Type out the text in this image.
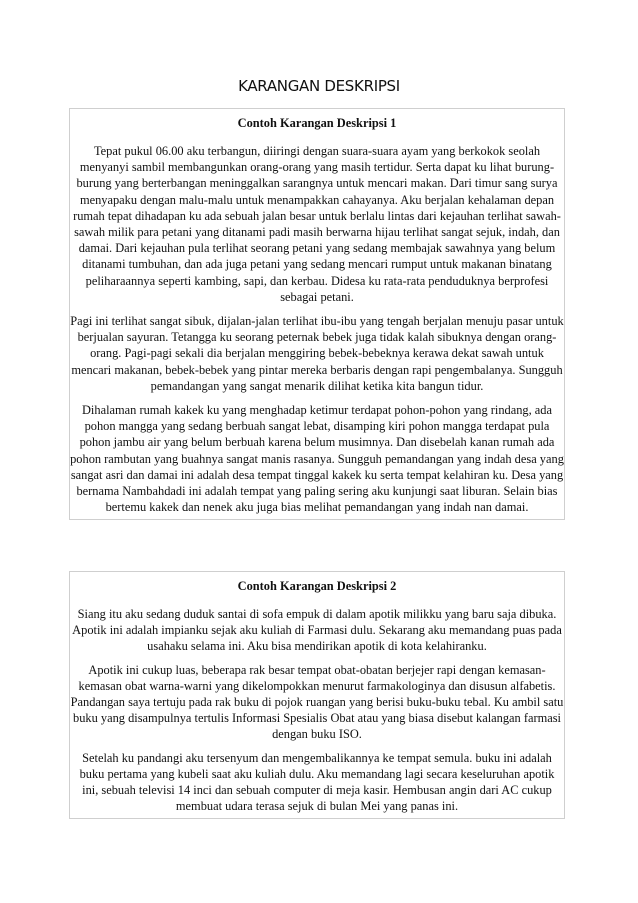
KARANGAN DESKRIPSI
Contoh Karangan Deskripsi 1

Tepat pukul 06.00 aku terbangun, diiringi dengan suara-suara ayam yang berkokok seolah menyanyi sambil membangunkan orang-orang yang masih tertidur. Serta dapat ku lihat burung-burung yang berterbangan meninggalkan sarangnya untuk mencari makan. Dari timur sang surya menyapaku dengan malu-malu untuk menampakkan cahayanya. Aku berjalan kehalaman depan rumah tepat dihadapan ku ada sebuah jalan besar untuk berlalu lintas dari kejauhan terlihat sawah-sawah milik para petani yang ditanami padi masih berwarna hijau terlihat sangat sejuk, indah, dan damai. Dari kejauhan pula terlihat seorang petani yang sedang membajak sawahnya yang belum ditanami tumbuhan, dan ada juga petani yang sedang mencari rumput untuk makanan binatang peliharaannya seperti kambing, sapi, dan kerbau. Didesa ku rata-rata penduduknya berprofesi sebagai petani.

Pagi ini terlihat sangat sibuk, dijalan-jalan terlihat ibu-ibu yang tengah berjalan menuju pasar untuk berjualan sayuran. Tetangga ku seorang peternak bebek juga tidak kalah sibuknya dengan orang-orang. Pagi-pagi sekali dia berjalan menggiring bebek-bebeknya kerawa dekat sawah untuk mencari makanan, bebek-bebek yang pintar mereka berbaris dengan rapi pengembalanya. Sungguh pemandangan yang sangat menarik dilihat ketika kita bangun tidur.

Dihalaman rumah kakek ku yang menghadap ketimur terdapat pohon-pohon yang rindang, ada pohon mangga yang sedang berbuah sangat lebat, disamping kiri pohon mangga terdapat pula pohon jambu air yang belum berbuah karena belum musimnya. Dan disebelah kanan rumah ada pohon rambutan yang buahnya sangat manis rasanya. Sungguh pemandangan yang indah desa yang sangat asri dan damai ini adalah desa tempat tinggal kakek ku serta tempat kelahiran ku. Desa yang bernama Nambahdadi ini adalah tempat yang paling sering aku kunjungi saat liburan. Selain bias bertemu kakek dan nenek aku juga bias melihat pemandangan yang indah nan damai.

Contoh Karangan Deskripsi 2

Siang itu aku sedang duduk santai di sofa empuk di dalam apotik milikku yang baru saja dibuka. Apotik ini adalah impianku sejak aku kuliah di Farmasi dulu. Sekarang aku memandang puas pada usahaku selama ini. Aku bisa mendirikan apotik di kota kelahiranku.

Apotik ini cukup luas, beberapa rak besar tempat obat-obatan berjejer rapi dengan kemasan-kemasan obat warna-warni yang dikelompokkan menurut farmakologinya dan disusun alfabetis. Pandangan saya tertuju pada rak buku di pojok ruangan yang berisi buku-buku tebal. Ku ambil satu buku yang disampulnya tertulis Informasi Spesialis Obat atau yang biasa disebut kalangan farmasi dengan buku ISO.

Setelah ku pandangi aku tersenyum dan mengembalikannya ke tempat semula. buku ini adalah buku pertama yang kubeli saat aku kuliah dulu. Aku memandang lagi secara keseluruhan apotik ini, sebuah televisi 14 inci dan sebuah computer di meja kasir. Hembusan angin dari AC cukup membuat udara terasa sejuk di bulan Mei yang panas ini.
